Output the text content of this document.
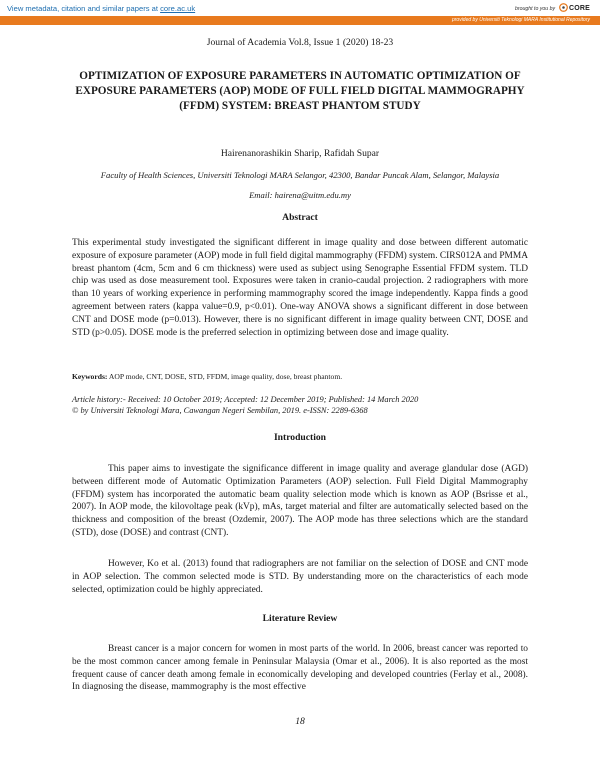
View metadata, citation and similar papers at core.ac.uk	brought to you by CORE
provided by Universiti Teknologi MARA Institutional Repository
Journal of Academia Vol.8, Issue 1 (2020) 18-23
OPTIMIZATION OF EXPOSURE PARAMETERS IN AUTOMATIC OPTIMIZATION OF EXPOSURE PARAMETERS (AOP) MODE OF FULL FIELD DIGITAL MAMMOGRAPHY (FFDM) SYSTEM: BREAST PHANTOM STUDY
Hairenanorashikin Sharip, Rafidah Supar
Faculty of Health Sciences, Universiti Teknologi MARA Selangor, 42300, Bandar Puncak Alam, Selangor, Malaysia
Email: hairena@uitm.edu.my
Abstract

This experimental study investigated the significant different in image quality and dose between different automatic exposure of exposure parameter (AOP) mode in full field digital mammography (FFDM) system. CIRS012A and PMMA breast phantom (4cm, 5cm and 6 cm thickness) were used as subject using Senographe Essential FFDM system. TLD chip was used as dose measurement tool. Exposures were taken in cranio-caudal projection. 2 radiographers with more than 10 years of working experience in performing mammography scored the image independently. Kappa finds a good agreement between raters (kappa value=0.9, p<0.01). One-way ANOVA shows a significant different in dose between CNT and DOSE mode (p=0.013). However, there is no significant different in image quality between CNT, DOSE and STD (p>0.05). DOSE mode is the preferred selection in optimizing between dose and image quality.

Keywords: AOP mode, CNT, DOSE, STD, FFDM, image quality, dose, breast phantom.
Article history:- Received: 10 October 2019; Accepted: 12 December 2019; Published: 14 March 2020
© by Universiti Teknologi Mara, Cawangan Negeri Sembilan, 2019. e-ISSN: 2289-6368
Introduction

This paper aims to investigate the significance different in image quality and average glandular dose (AGD) between different mode of Automatic Optimization Parameters (AOP) selection. Full Field Digital Mammography (FFDM) system has incorporated the automatic beam quality selection mode which is known as AOP (Bsrisse et al., 2007). In AOP mode, the kilovoltage peak (kVp), mAs, target material and filter are automatically selected based on the thickness and composition of the breast (Ozdemir, 2007). The AOP mode has three selections which are the standard (STD), dose (DOSE) and contrast (CNT).

However, Ko et al. (2013) found that radiographers are not familiar on the selection of DOSE and CNT mode in AOP selection. The common selected mode is STD. By understanding more on the characteristics of each mode selected, optimization could be highly appreciated.

Literature Review

Breast cancer is a major concern for women in most parts of the world. In 2006, breast cancer was reported to be the most common cancer among female in Peninsular Malaysia (Omar et al., 2006). It is also reported as the most frequent cause of cancer death among female in economically developing and developed countries (Ferlay et al., 2008). In diagnosing the disease, mammography is the most effective

18
